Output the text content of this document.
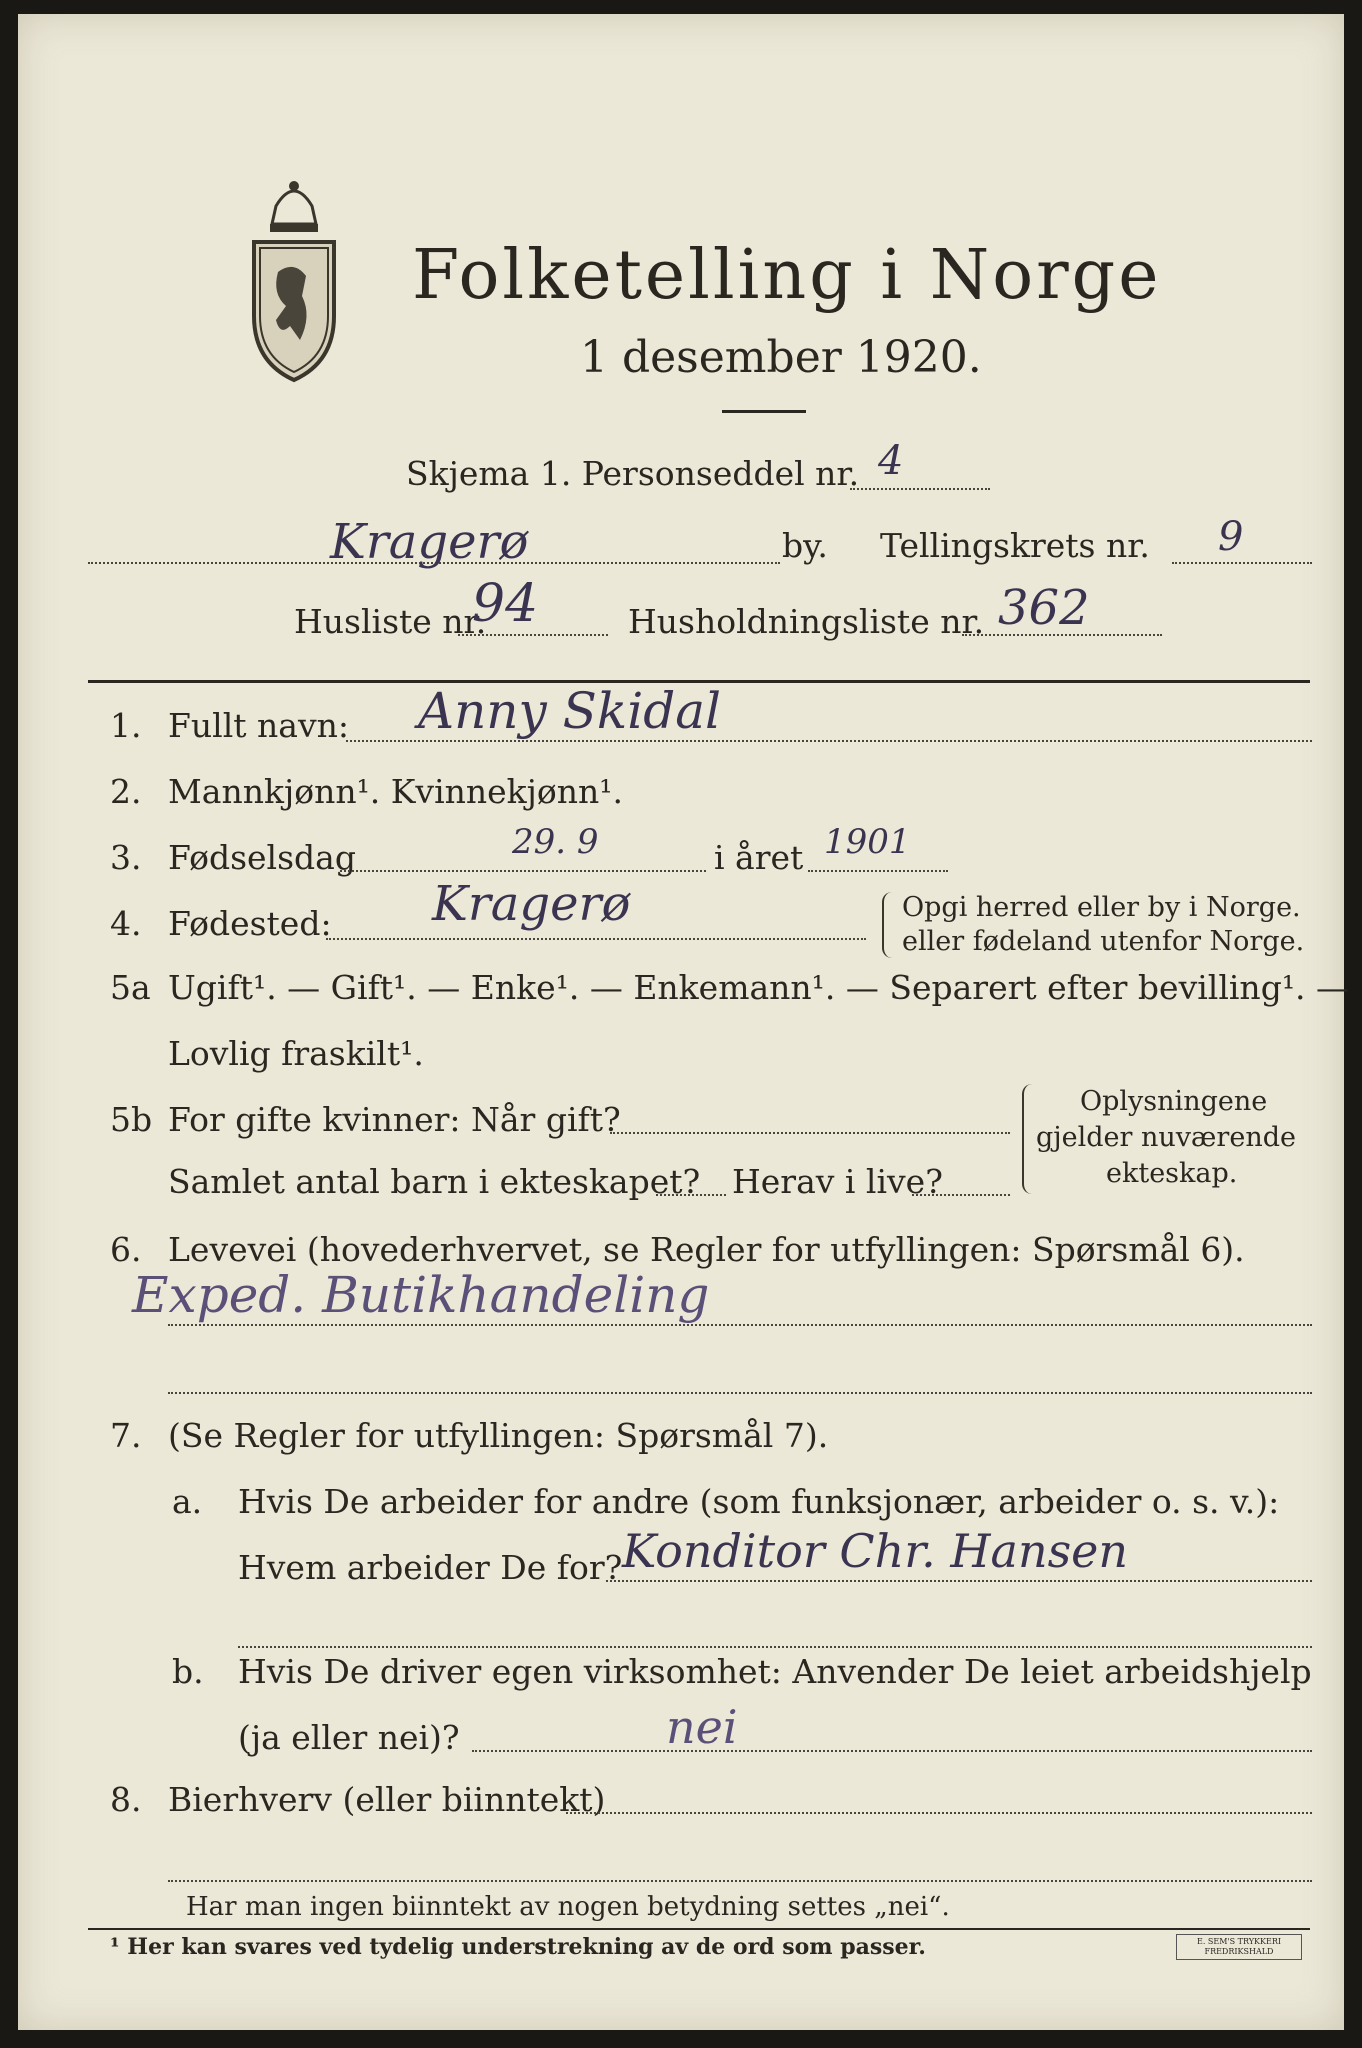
Folketelling i Norge
1 desember 1920.
Skjema 1. Personseddel nr. 4
Kragerø	by. Tellingskrets nr. 9
Husliste nr.
94	Husholdningsliste nr. 362
1. Fullt navn: Anny Skidal
2. Mannkjønn¹. Kvinnekjønn¹.
3. Fødselsdag	29. 9	i året 1901
4. Fødested: Kragerø	Opgi herred eller by i Norge.
eller fødeland utenfor Norge.
5a Ugift¹. — Gift¹. — Enke¹. — Enkemann¹. — Separert efter bevilling¹. —
Lovlig fraskilt¹.
5b For gifte kvinner: Når gift?
Samlet antal barn i ekteskapet? Herav i live?
Oplysningene
gjelder nuværende
ekteskap.
6. Levevei (hovederhvervet, se Regler for utfyllingen: Spørsmål 6).
Exped. Butikhandeling
7. (Se Regler for utfyllingen: Spørsmål 7).
a. Hvis De arbeider for andre (som funksjonær, arbeider o. s. v.):
Hvem arbeider De for? Konditor Chr. Hansen
b. Hvis De driver egen virksomhet: Anvender De leiet arbeidshjelp
(ja eller nei)?	nei
8. Bierhverv (eller biinntekt)
Har man ingen biinntekt av nogen betydning settes „nei“.
¹ Her kan svares ved tydelig understrekning av de ord som passer.	E. SEM'S TRYKKERI
FREDRIKSHALD
